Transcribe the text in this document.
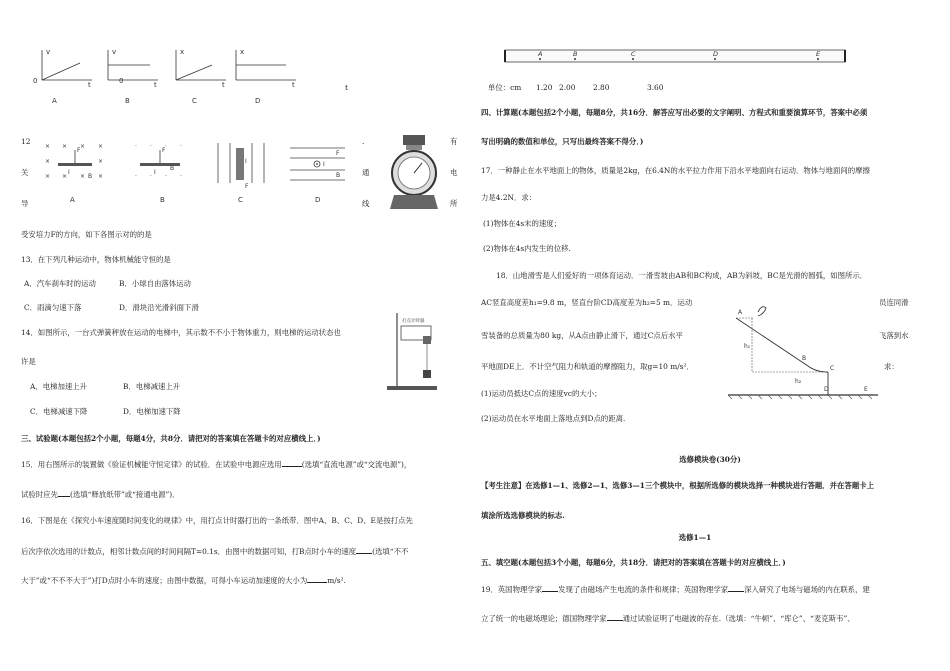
v	v	x	x
0	0
t	t	t	t
A	B	C	D
t
12
关
导
× × × ×
×	×
× × × ×
F
I
B
· · · ·
· · · ·
F
I
B
F
I	I
F
B
A	B	C	D
通
线
.	有
电
所
受安培力F的方向，如下各图示对的的是
13．在下列几种运动中，物体机械能守恒的是
A．汽车刹车时的运动	B．小球自由落体运动
C．雨滴匀速下落	D．滑块沿光滑斜面下滑
14．如图所示，一台式弹簧秤放在运动的电梯中，其示数不不小于物体重力，则电梯的运动状态也
许是
A．电梯加速上升	B．电梯减速上升
C．电梯减速下降	D．电梯加速下降
打点计时器
三、试验题(本题包括2个小题，每题4分，共8分．请把对的答案填在答题卡的对应横线上．)
15．用右图所示的装置做《验证机械能守恒定律》的试验．在试验中电源应选用	(选填“直流电源”或“交流电源”)，
试验时应先 (选填“释放纸带”或“接通电源”)．
16．下图是在《探究小车速度随时间变化的规律》中，用打点计时器打出的一条纸带．图中A、B、C、D、E是按打点先
后次序依次选用的计数点，相邻计数点间的时间间隔T=0.1s．由图中的数据可知，打B点时小车的速度 (选填“不不
大于”或“不不不大于”)打D点时小车的速度；由图中数据，可得小车运动加速度的大小为	m/s².
A	B	C	D	E
单位：cm 1.20 2.00 2.80	3.60
四、计算题(本题包括2个小题，每题8分，共16分．解答应写出必要的文字阐明、方程式和重要演算环节，答案中必须
写出明确的数值和单位，只写出最终答案不得分．)
17．一种静止在水平地面上的物体，质量是2kg，在6.4N的水平拉力作用下沿水平地面向右运动．物体与地面间的摩擦
力是4.2N．求：
(1)物体在4s末的速度；
(2)物体在4s内发生的位移.
18．山地滑雪是人们爱好的一项体育运动．一滑雪坡由AB和BC构成，AB为斜坡，BC是光滑的圆弧，如图所示．
AC竖直高度差h₁=9.8 m，竖直台阶CD高度差为h₂=5 m．运动	员连同滑
雪装备的总质量为80 kg，从A点由静止滑下，通过C点后水平	飞落到水
平地面DE上．不计空气阻力和轨道的摩擦阻力，取g=10 m/s²．	求：
A
h₁
B
C
h₂
D	E
(1)运动员抵达C点的速度vc的大小；
(2)运动员在水平地面上落地点到D点的距离.
选修模块卷(30分)
【考生注意】在选修1—1、选修2—1、选修3—1三个模块中，根据所选修的模块选择一种模块进行答题．并在答题卡上
填涂所选选修模块的标志.
选修1—1
五、填空题(本题包括3个小题，每题6分，共18分．请把对的答案填在答题卡的对应横线上．)
19．英国物理学家 发现了由磁场产生电流的条件和规律；英国物理学家 深入研究了电场与磁场的内在联系，建
立了统一的电磁场理论；德国物理学家 通过试验证明了电磁波的存在.（选填：“牛顿”、“库仑”、“麦克斯韦”、
